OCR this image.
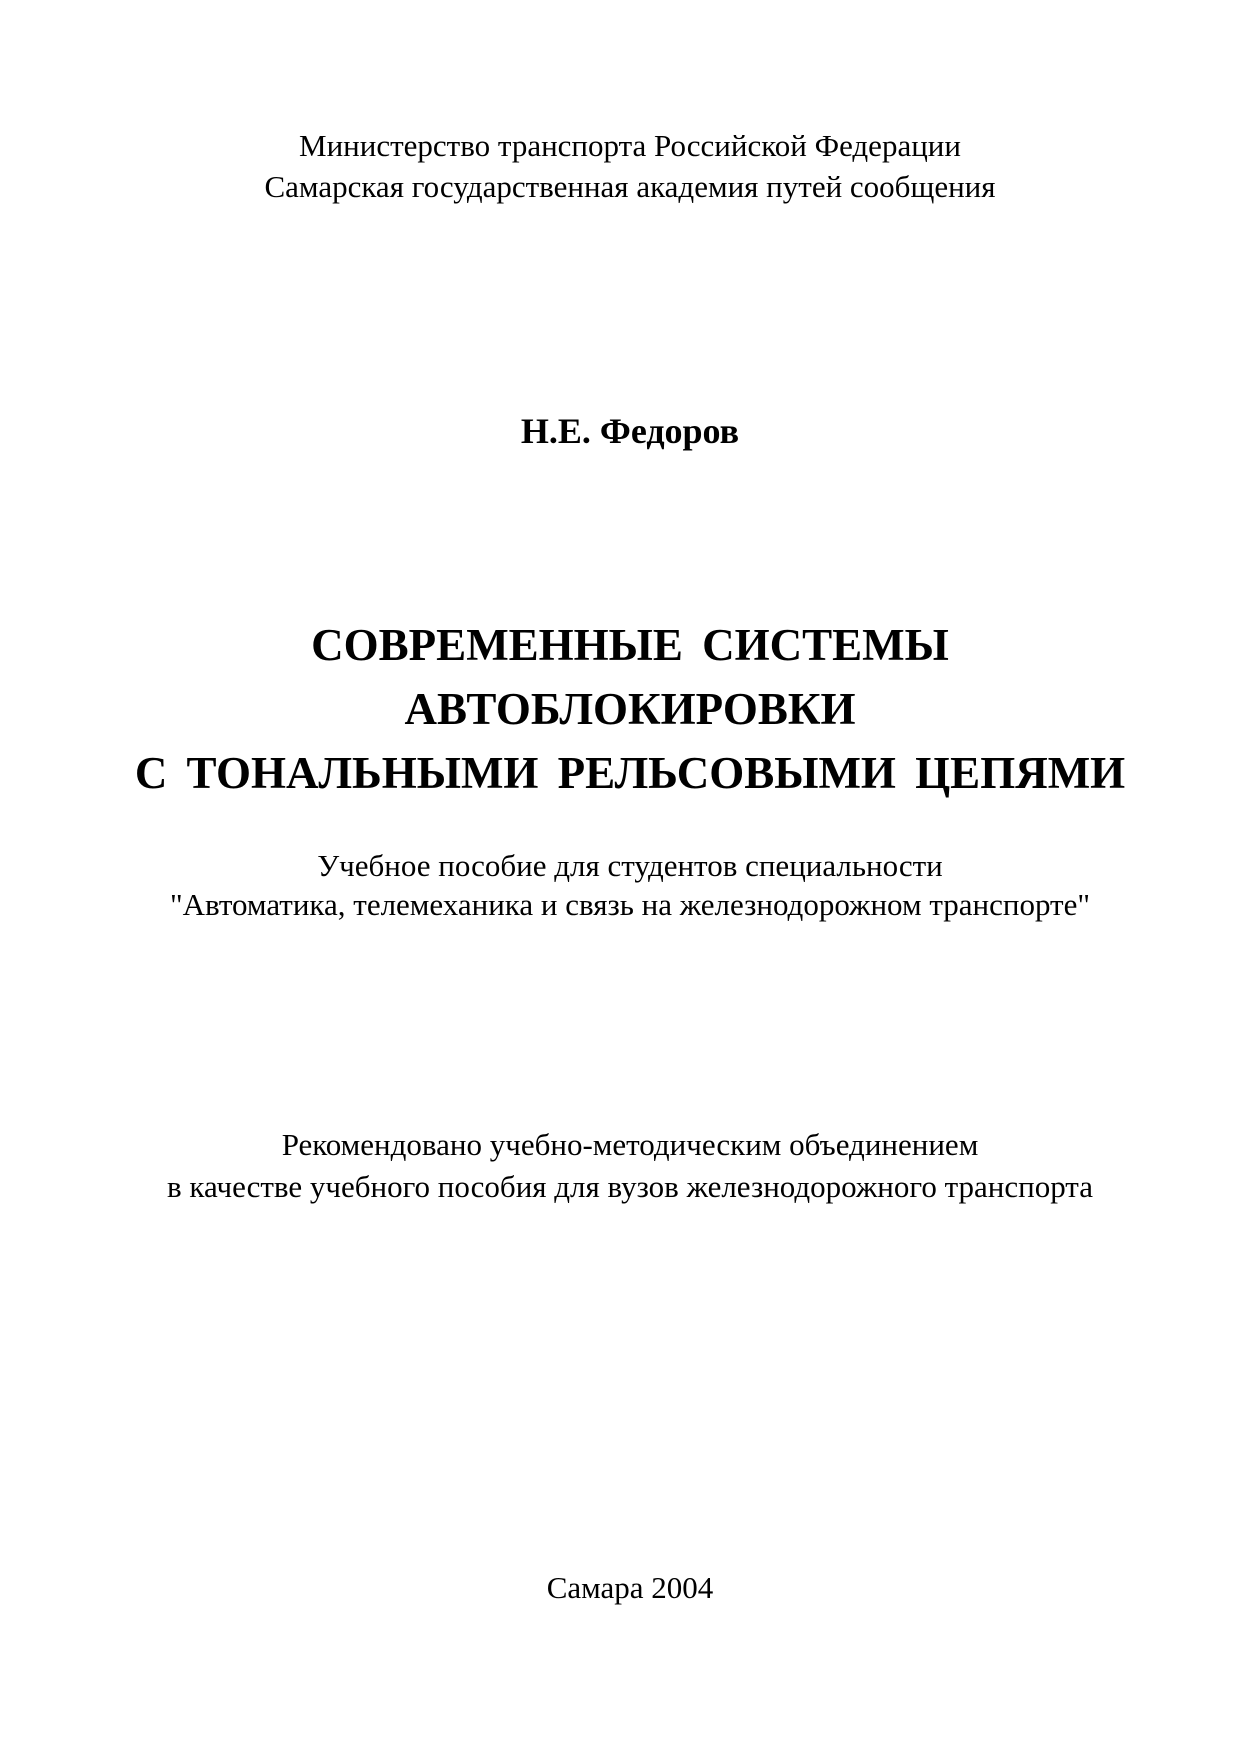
Министерство транспорта Российской Федерации
Самарская государственная академия путей сообщения
Н.Е. Федоров
СОВРЕМЕННЫЕ СИСТЕМЫ
АВТОБЛОКИРОВКИ
С ТОНАЛЬНЫМИ РЕЛЬСОВЫМИ ЦЕПЯМИ
Учебное пособие для студентов специальности
"Автоматика, телемеханика и связь на железнодорожном транспорте"
Рекомендовано учебно-методическим объединением
в качестве учебного пособия для вузов железнодорожного транспорта
Самара 2004
